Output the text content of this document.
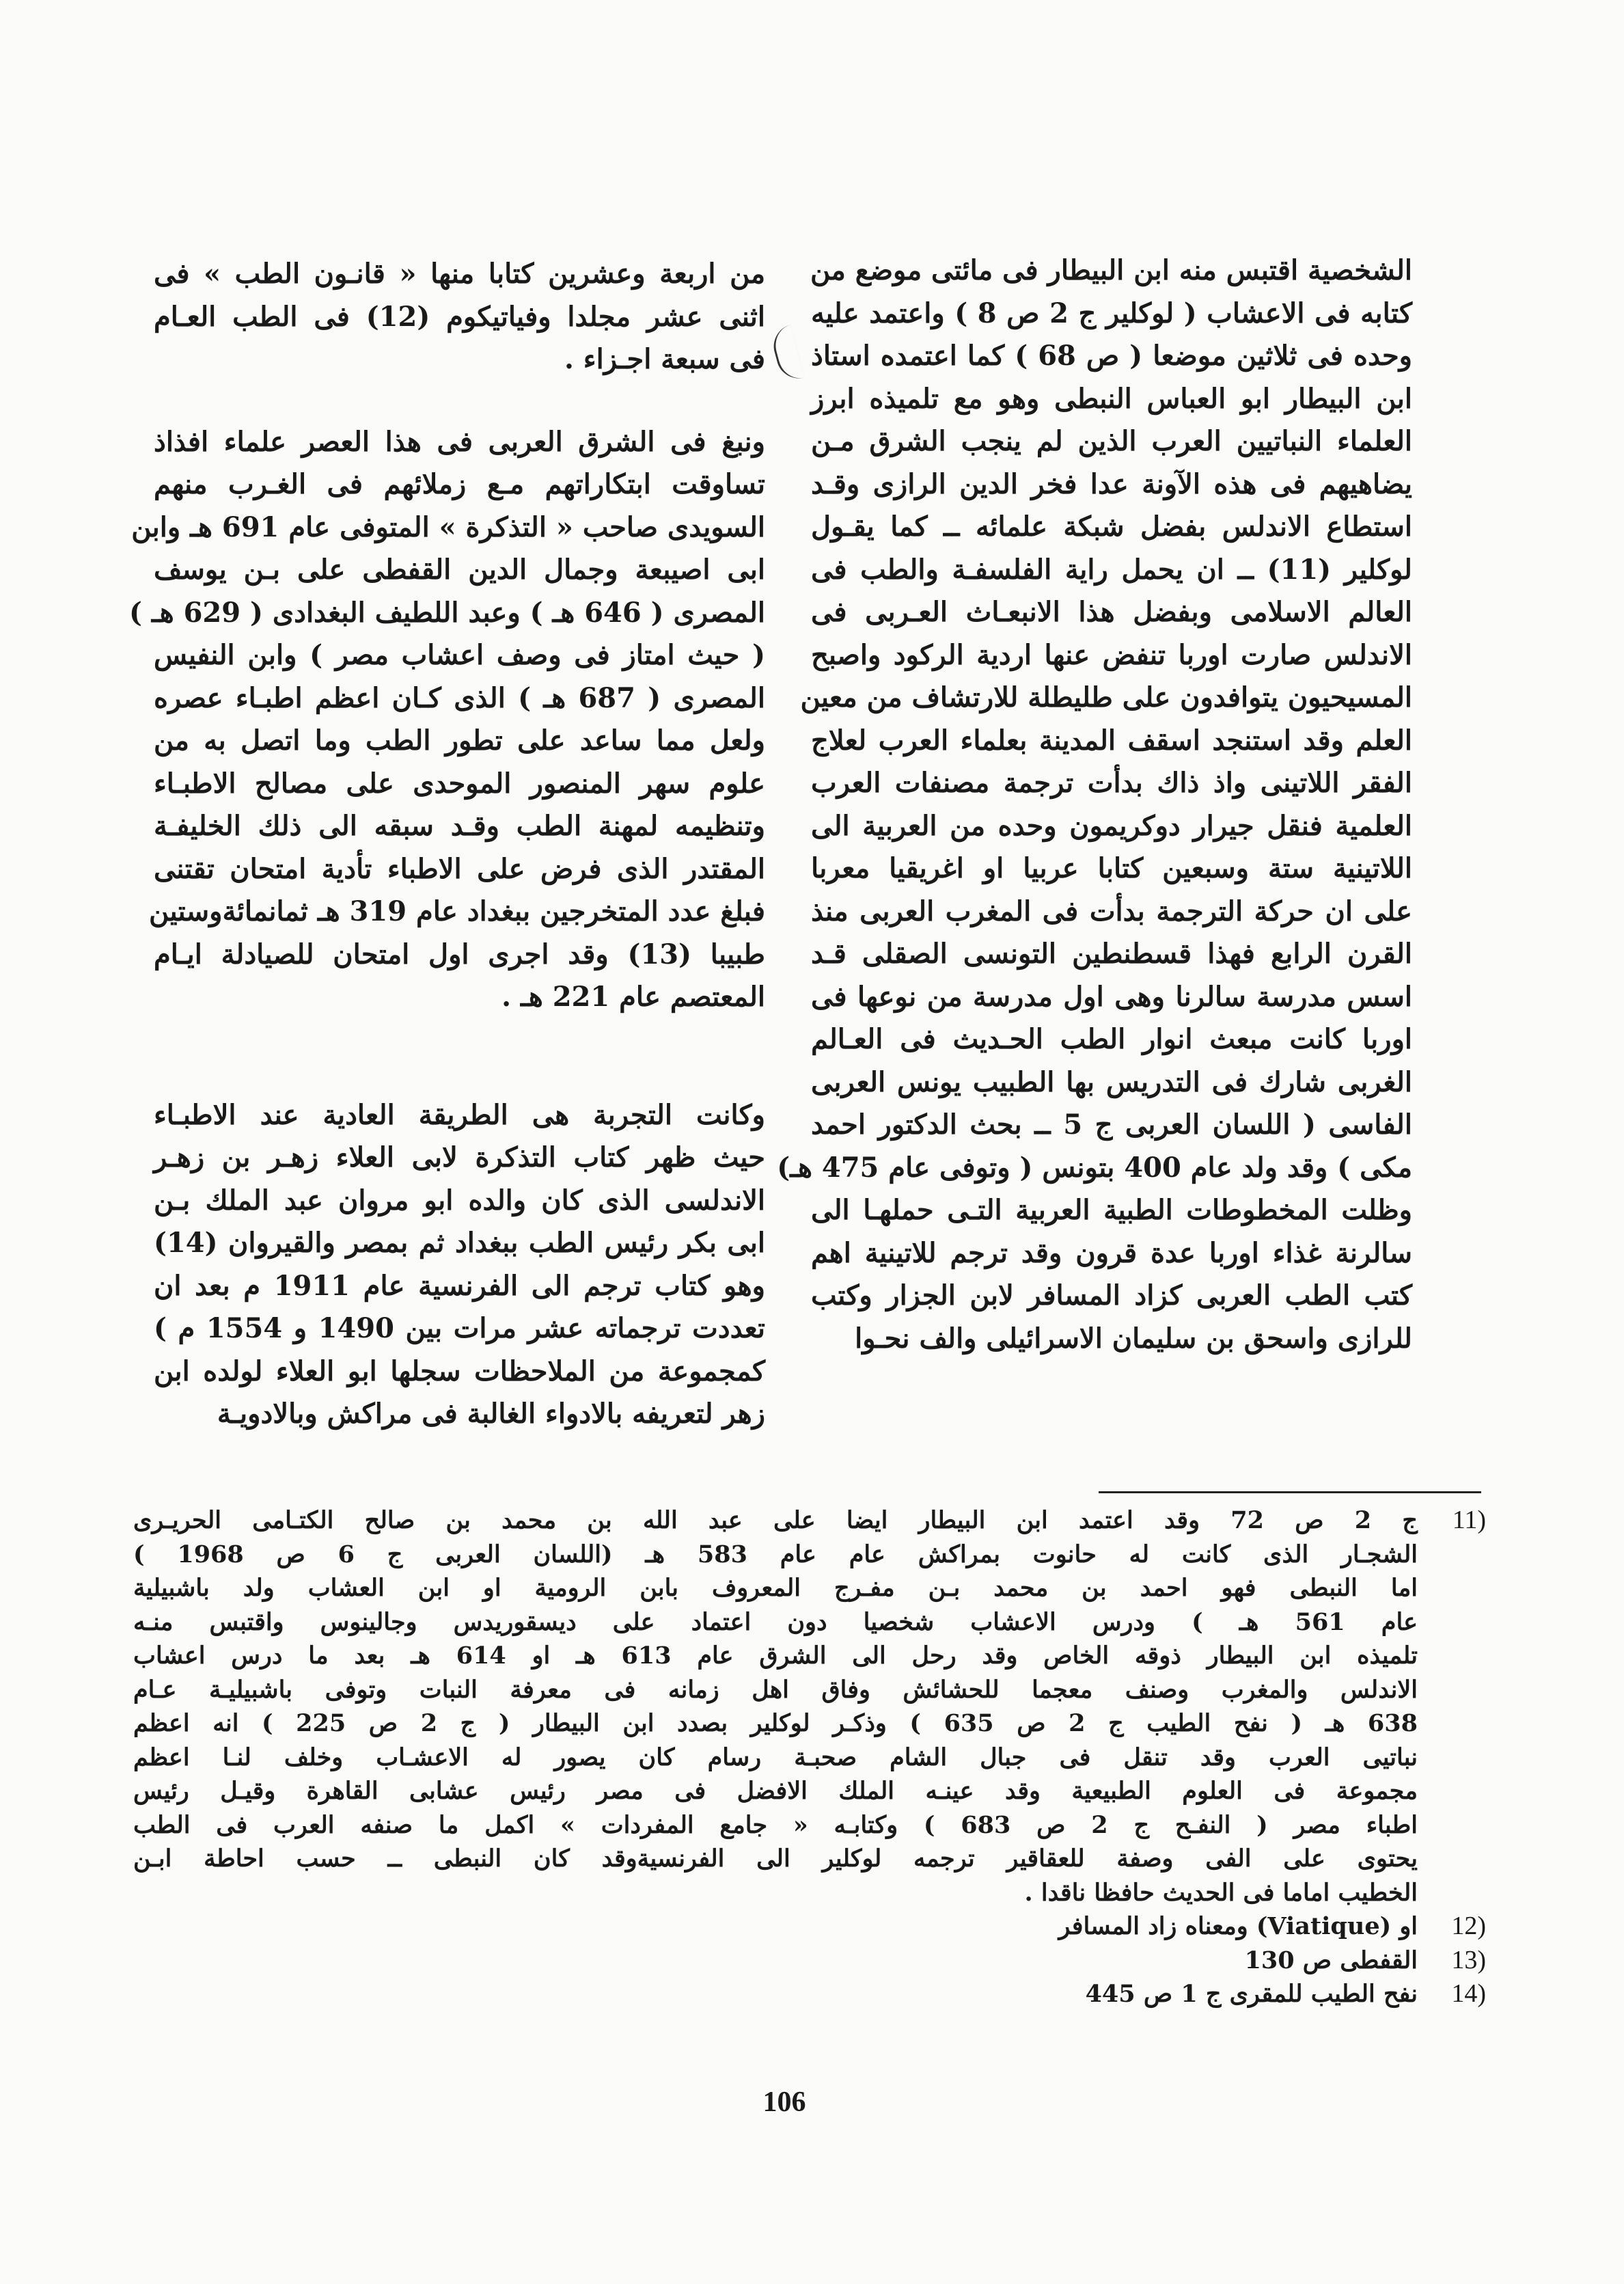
الشخصية اقتبس منه ابن البيطار فى مائتى موضع من
كتابه فى الاعشاب ( لوكلير ج 2 ص 8 ) واعتمد عليه
وحده فى ثلاثين موضعا ( ص 68 ) كما اعتمده استاذ
ابن البيطار ابو العباس النبطى وهو مع تلميذه ابرز
العلماء النباتيين العرب الذين لم ينجب الشرق مـن
يضاهيهم فى هذه الآونة عدا فخر الدين الرازى وقـد
استطاع الاندلس بفضل شبكة علمائه ــ كما يقـول
لوكلير (11) ــ ان يحمل راية الفلسفـة والطب فى
العالم الاسلامى وبفضل هذا الانبعـاث العـربى فى
الاندلس صارت اوربا تنفض عنها اردية الركود واصبح
المسيحيون يتوافدون على طليطلة للارتشاف من معين
العلم وقد استنجد اسقف المدينة بعلماء العرب لعلاج
الفقر اللاتينى واذ ذاك بدأت ترجمة مصنفات العرب
العلمية فنقل جيرار دوكريمون وحده من العربية الى
اللاتينية ستة وسبعين كتابا عربيا او اغريقيا معربا
على ان حركة الترجمة بدأت فى المغرب العربى منذ
القرن الرابع فهذا قسطنطين التونسى الصقلى قـد
اسس مدرسة سالرنا وهى اول مدرسة من نوعها فى
اوربا كانت مبعث انوار الطب الحـديث فى العـالم
الغربى شارك فى التدريس بها الطبيب يونس العربى
الفاسى ( اللسان العربى ج 5 ــ بحث الدكتور احمد
مكى ) وقد ولد عام 400 بتونس ( وتوفى عام 475 هـ)
وظلت المخطوطات الطبية العربية التـى حملهـا الى
سالرنة غذاء اوربا عدة قرون وقد ترجم للاتينية اهم
كتب الطب العربى كزاد المسافر لابن الجزار وكتب
للرازى واسحق بن سليمان الاسرائيلى والف نحـوا
من اربعة وعشرين كتابا منها « قانـون الطب » فى
اثنى عشر مجلدا وفياتيكوم (12) فى الطب العـام
فى سبعة اجـزاء .
ونبغ فى الشرق العربى فى هذا العصر علماء افذاذ
تساوقت ابتكاراتهم مـع زملائهم فى الغـرب منهم
السويدى صاحب « التذكرة » المتوفى عام 691 هـ وابن
ابى اصيبعة وجمال الدين القفطى على بـن يوسف
المصرى ( 646 هـ ) وعبد اللطيف البغدادى ( 629 هـ )
( حيث امتاز فى وصف اعشاب مصر ) وابن النفيس
المصرى ( 687 هـ ) الذى كـان اعظم اطبـاء عصره
ولعل مما ساعد على تطور الطب وما اتصل به من
علوم سهر المنصور الموحدى على مصالح الاطبـاء
وتنظيمه لمهنة الطب وقـد سبقه الى ذلك الخليفـة
المقتدر الذى فرض على الاطباء تأدية امتحان تقتنى
فبلغ عدد المتخرجين ببغداد عام 319 هـ ثمانمائةوستين
طبيبا (13) وقد اجرى اول امتحان للصيادلة ايـام
المعتصم عام 221 هـ .
وكانت التجربة هى الطريقة العادية عند الاطبـاء
حيث ظهر كتاب التذكرة لابى العلاء زهـر بن زهـر
الاندلسى الذى كان والده ابو مروان عبد الملك بـن
ابى بكر رئيس الطب ببغداد ثم بمصر والقيروان (14)
وهو كتاب ترجم الى الفرنسية عام 1911 م بعد ان
تعددت ترجماته عشر مرات بين 1490 و 1554 م )
كمجموعة من الملاحظات سجلها ابو العلاء لولده ابن
زهر لتعريفه بالادواء الغالبة فى مراكش وبالادويـة
11)
ج 2 ص 72 وقد اعتمد ابن البيطار ايضا على عبد الله بن محمد بن صالح الكتـامى الحريـرى
الشجـار الذى كانت له حانوت بمراكش عام عام 583 هـ (اللسان العربى ج 6 ص 1968 )
اما النبطى فهو احمد بن محمد بـن مفـرج المعروف بابن الرومية او ابن العشاب ولد باشبيلية
عام 561 هـ ) ودرس الاعشاب شخصيا دون اعتماد على ديسقوريدس وجالينوس واقتبس منـه
تلميذه ابن البيطار ذوقه الخاص وقد رحل الى الشرق عام 613 هـ او 614 هـ بعد ما درس اعشاب
الاندلس والمغرب وصنف معجما للحشائش وفاق اهل زمانه فى معرفة النبات وتوفى باشبيليـة عـام
638 هـ ( نفح الطيب ج 2 ص 635 ) وذكـر لوكلير بصدد ابن البيطار ( ج 2 ص 225 ) انه اعظم
نباتيى العرب وقد تنقل فى جبال الشام صحبـة رسام كان يصور له الاعشـاب وخلف لنـا اعظم
مجموعة فى العلوم الطبيعية وقد عينـه الملك الافضل فى مصر رئيس عشابى القاهرة وقيـل رئيس
اطباء مصر ( النفـح ج 2 ص 683 ) وكتابـه « جامع المفردات » اكمل ما صنفه العرب فى الطب
يحتوى على الفى وصفة للعقاقير ترجمه لوكلير الى الفرنسيةوقد كان النبطى ــ حسب احاطة ابـن
الخطيب اماما فى الحديث حافظا ناقدا .
12)
او (Viatique) ومعناه زاد المسافر
13)
القفطى ص 130
14)
نفح الطيب للمقرى ج 1 ص 445
106
